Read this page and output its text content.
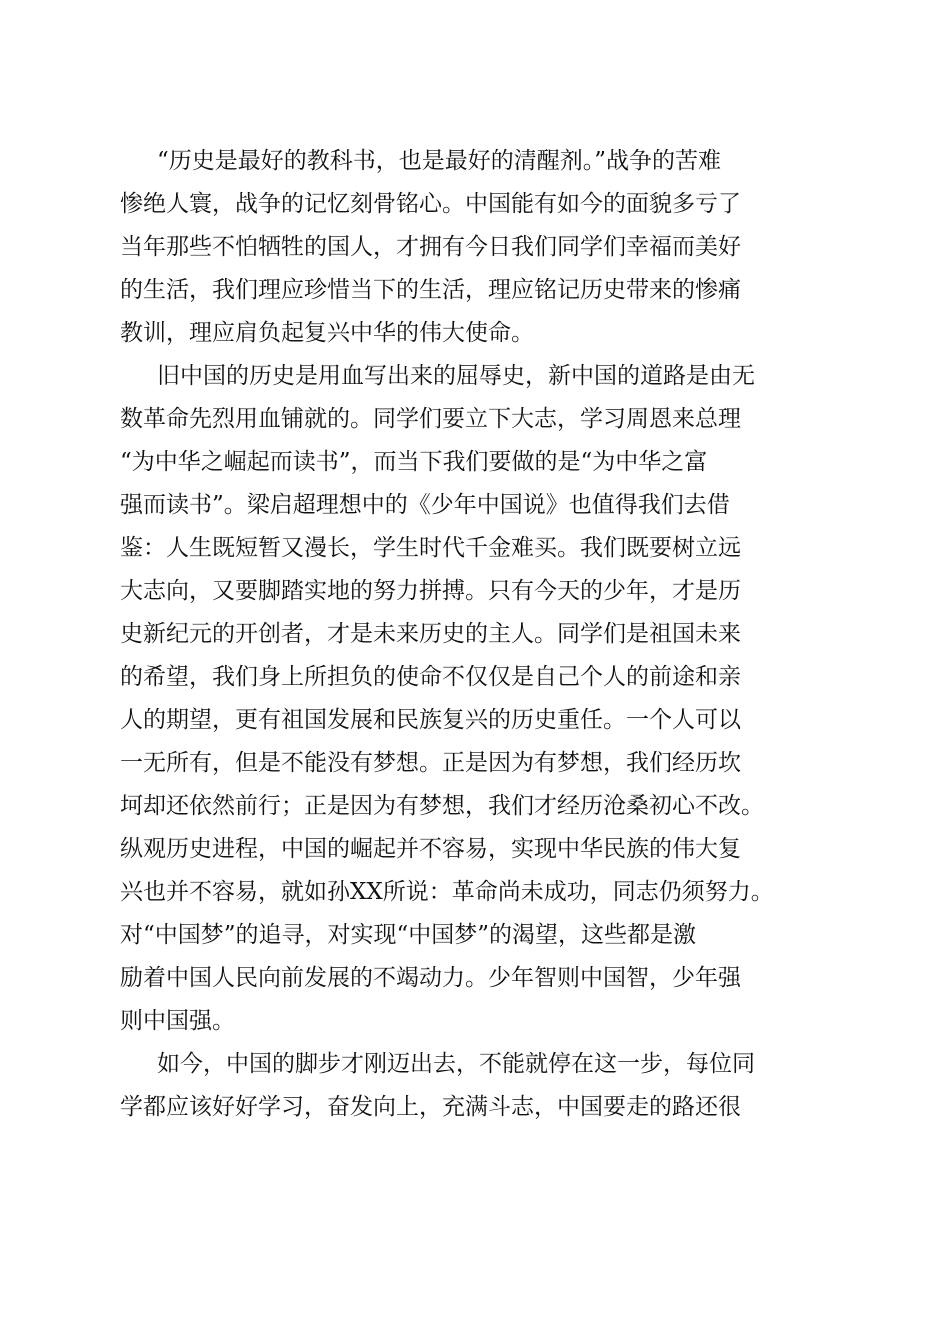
“历史是最好的教科书，也是最好的清醒剂。”战争的苦难
惨绝人寰，战争的记忆刻骨铭心。中国能有如今的面貌多亏了
当年那些不怕牺牲的国人，才拥有今日我们同学们幸福而美好
的生活，我们理应珍惜当下的生活，理应铭记历史带来的惨痛
教训，理应肩负起复兴中华的伟大使命。
旧中国的历史是用血写出来的屈辱史，新中国的道路是由无
数革命先烈用血铺就的。同学们要立下大志，学习周恩来总理
“为中华之崛起而读书”，而当下我们要做的是“为中华之富
强而读书”。梁启超理想中的《少年中国说》也值得我们去借
鉴：人生既短暂又漫长，学生时代千金难买。我们既要树立远
大志向，又要脚踏实地的努力拼搏。只有今天的少年，才是历
史新纪元的开创者，才是未来历史的主人。同学们是祖国未来
的希望，我们身上所担负的使命不仅仅是自己个人的前途和亲
人的期望，更有祖国发展和民族复兴的历史重任。一个人可以
一无所有，但是不能没有梦想。正是因为有梦想，我们经历坎
坷却还依然前行；正是因为有梦想，我们才经历沧桑初心不改。
纵观历史进程，中国的崛起并不容易，实现中华民族的伟大复
兴也并不容易，就如孙XX所说：革命尚未成功，同志仍须努力。
对“中国梦”的追寻，对实现“中国梦”的渴望，这些都是激
励着中国人民向前发展的不竭动力。少年智则中国智，少年强
则中国强。
如今，中国的脚步才刚迈出去，不能就停在这一步，每位同
学都应该好好学习，奋发向上，充满斗志，中国要走的路还很
